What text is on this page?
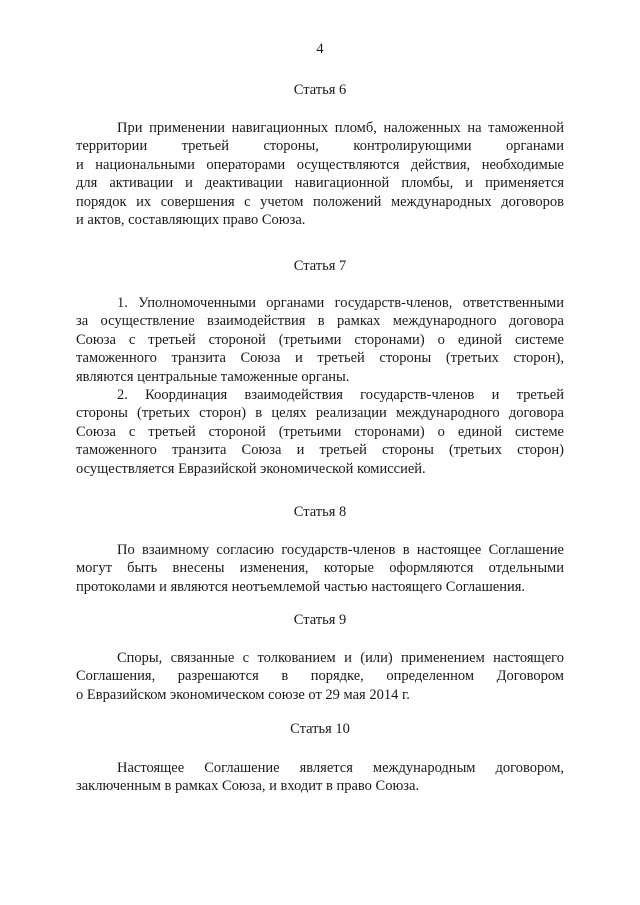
4
Статья 6
При применении навигационных пломб, наложенных на таможенной
территории третьей стороны, контролирующими органами
и национальными операторами осуществляются действия, необходимые
для активации и деактивации навигационной пломбы, и применяется
порядок их совершения с учетом положений международных договоров
и актов, составляющих право Союза.
Статья 7
1. Уполномоченными органами государств-членов, ответственными
за осуществление взаимодействия в рамках международного договора
Союза с третьей стороной (третьими сторонами) о единой системе
таможенного транзита Союза и третьей стороны (третьих сторон),
являются центральные таможенные органы.
2. Координация взаимодействия государств-членов и третьей
стороны (третьих сторон) в целях реализации международного договора
Союза с третьей стороной (третьими сторонами) о единой системе
таможенного транзита Союза и третьей стороны (третьих сторон)
осуществляется Евразийской экономической комиссией.
Статья 8
По взаимному согласию государств-членов в настоящее Соглашение
могут быть внесены изменения, которые оформляются отдельными
протоколами и являются неотъемлемой частью настоящего Соглашения.
Статья 9
Споры, связанные с толкованием и (или) применением настоящего
Соглашения, разрешаются в порядке, определенном Договором
о Евразийском экономическом союзе от 29 мая 2014 г.
Статья 10
Настоящее Соглашение является международным договором,
заключенным в рамках Союза, и входит в право Союза.
